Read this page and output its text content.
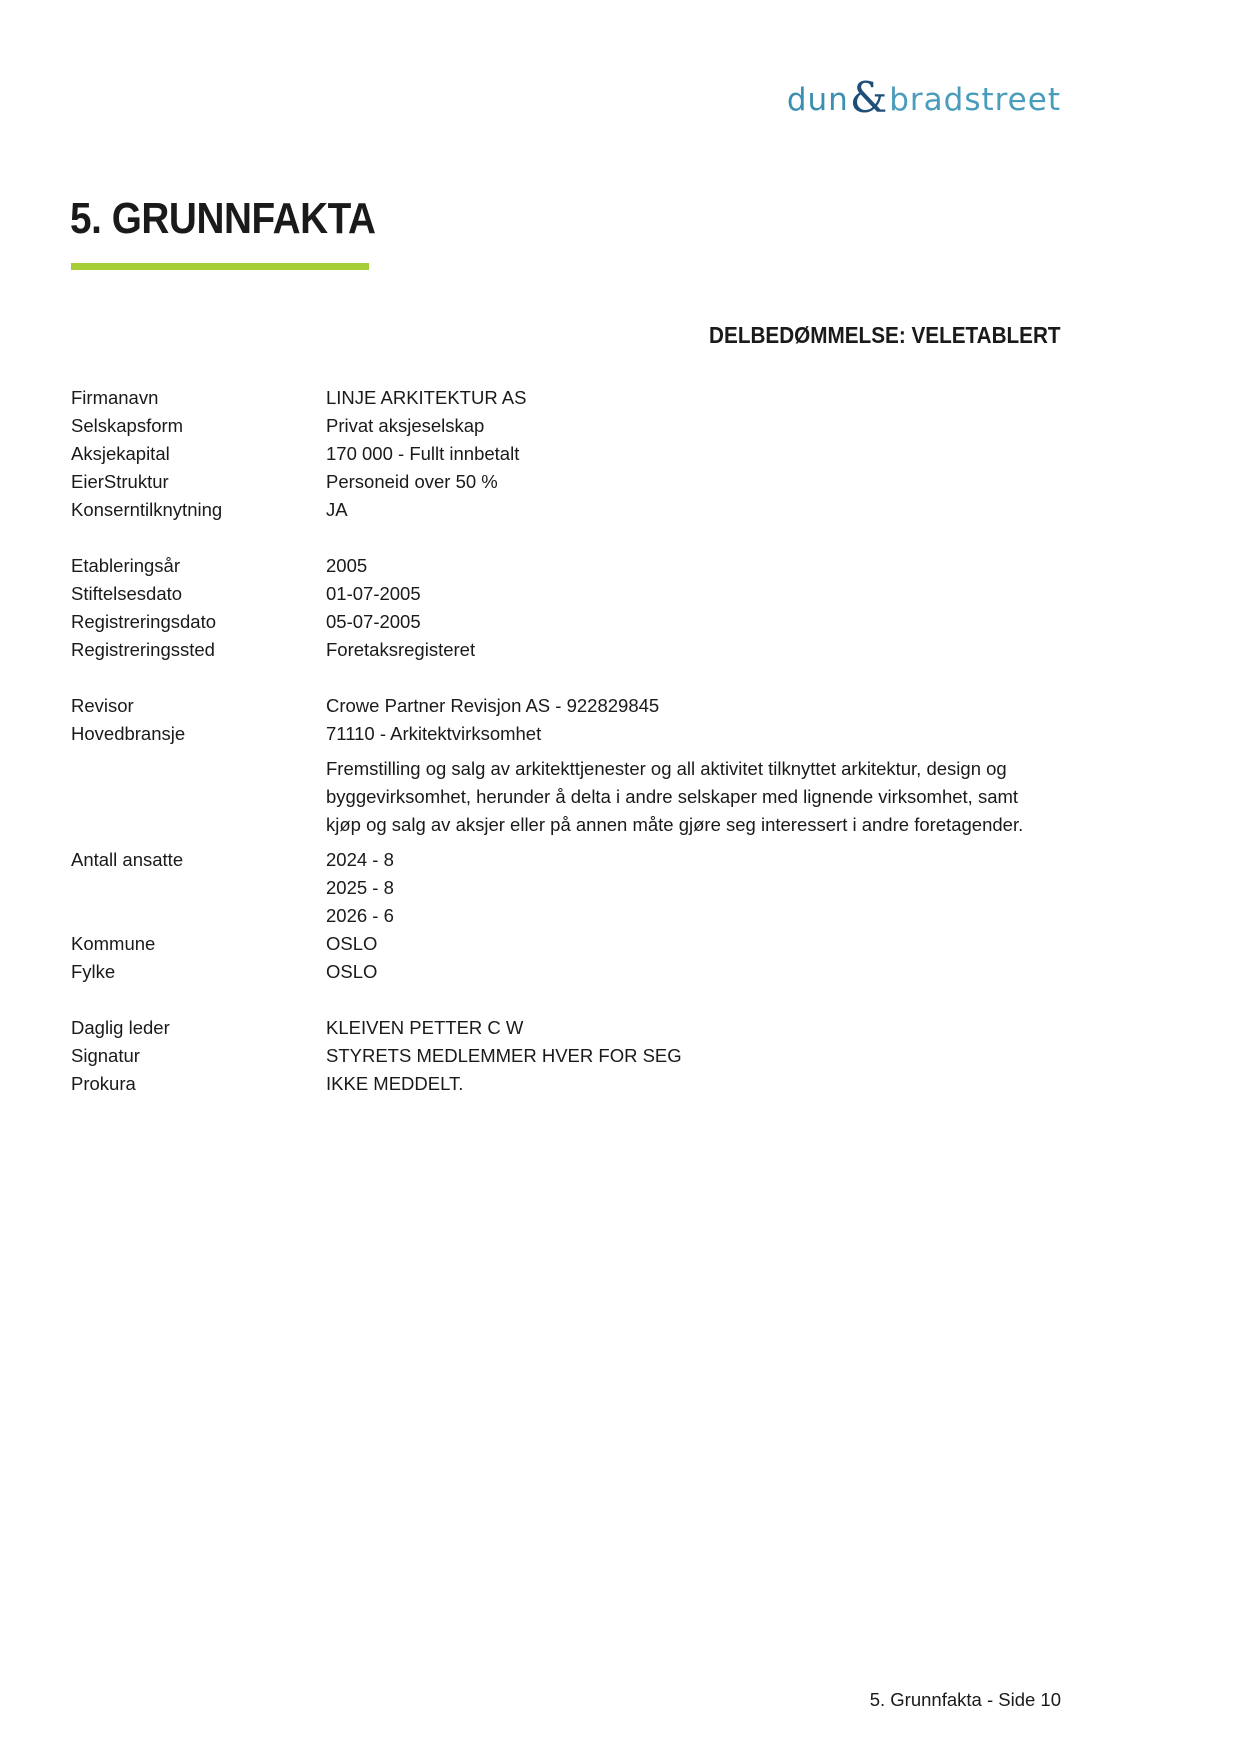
dun & bradstreet
5. GRUNNFAKTA
DELBEDØMMELSE: VELETABLERT
Firmanavn	LINJE ARKITEKTUR AS
Selskapsform	Privat aksjeselskap
Aksjekapital	170 000 - Fullt innbetalt
EierStruktur	Personeid over 50 %
Konserntilknytning	JA
Etableringsår	2005
Stiftelsesdato	01-07-2005
Registreringsdato	05-07-2005
Registreringssted	Foretaksregisteret
Revisor	Crowe Partner Revisjon AS - 922829845
Hovedbransje	71110 - Arkitektvirksomhet
Fremstilling og salg av arkitekttjenester og all aktivitet tilknyttet arkitektur, design og byggevirksomhet, herunder å delta i andre selskaper med lignende virksomhet, samt kjøp og salg av aksjer eller på annen måte gjøre seg interessert i andre foretagender.
Antall ansatte	2024 - 8
2025 - 8
2026 - 6
Kommune	OSLO
Fylke	OSLO
Daglig leder	KLEIVEN PETTER C W
Signatur	STYRETS MEDLEMMER HVER FOR SEG
Prokura	IKKE MEDDELT.
5. Grunnfakta - Side 10
